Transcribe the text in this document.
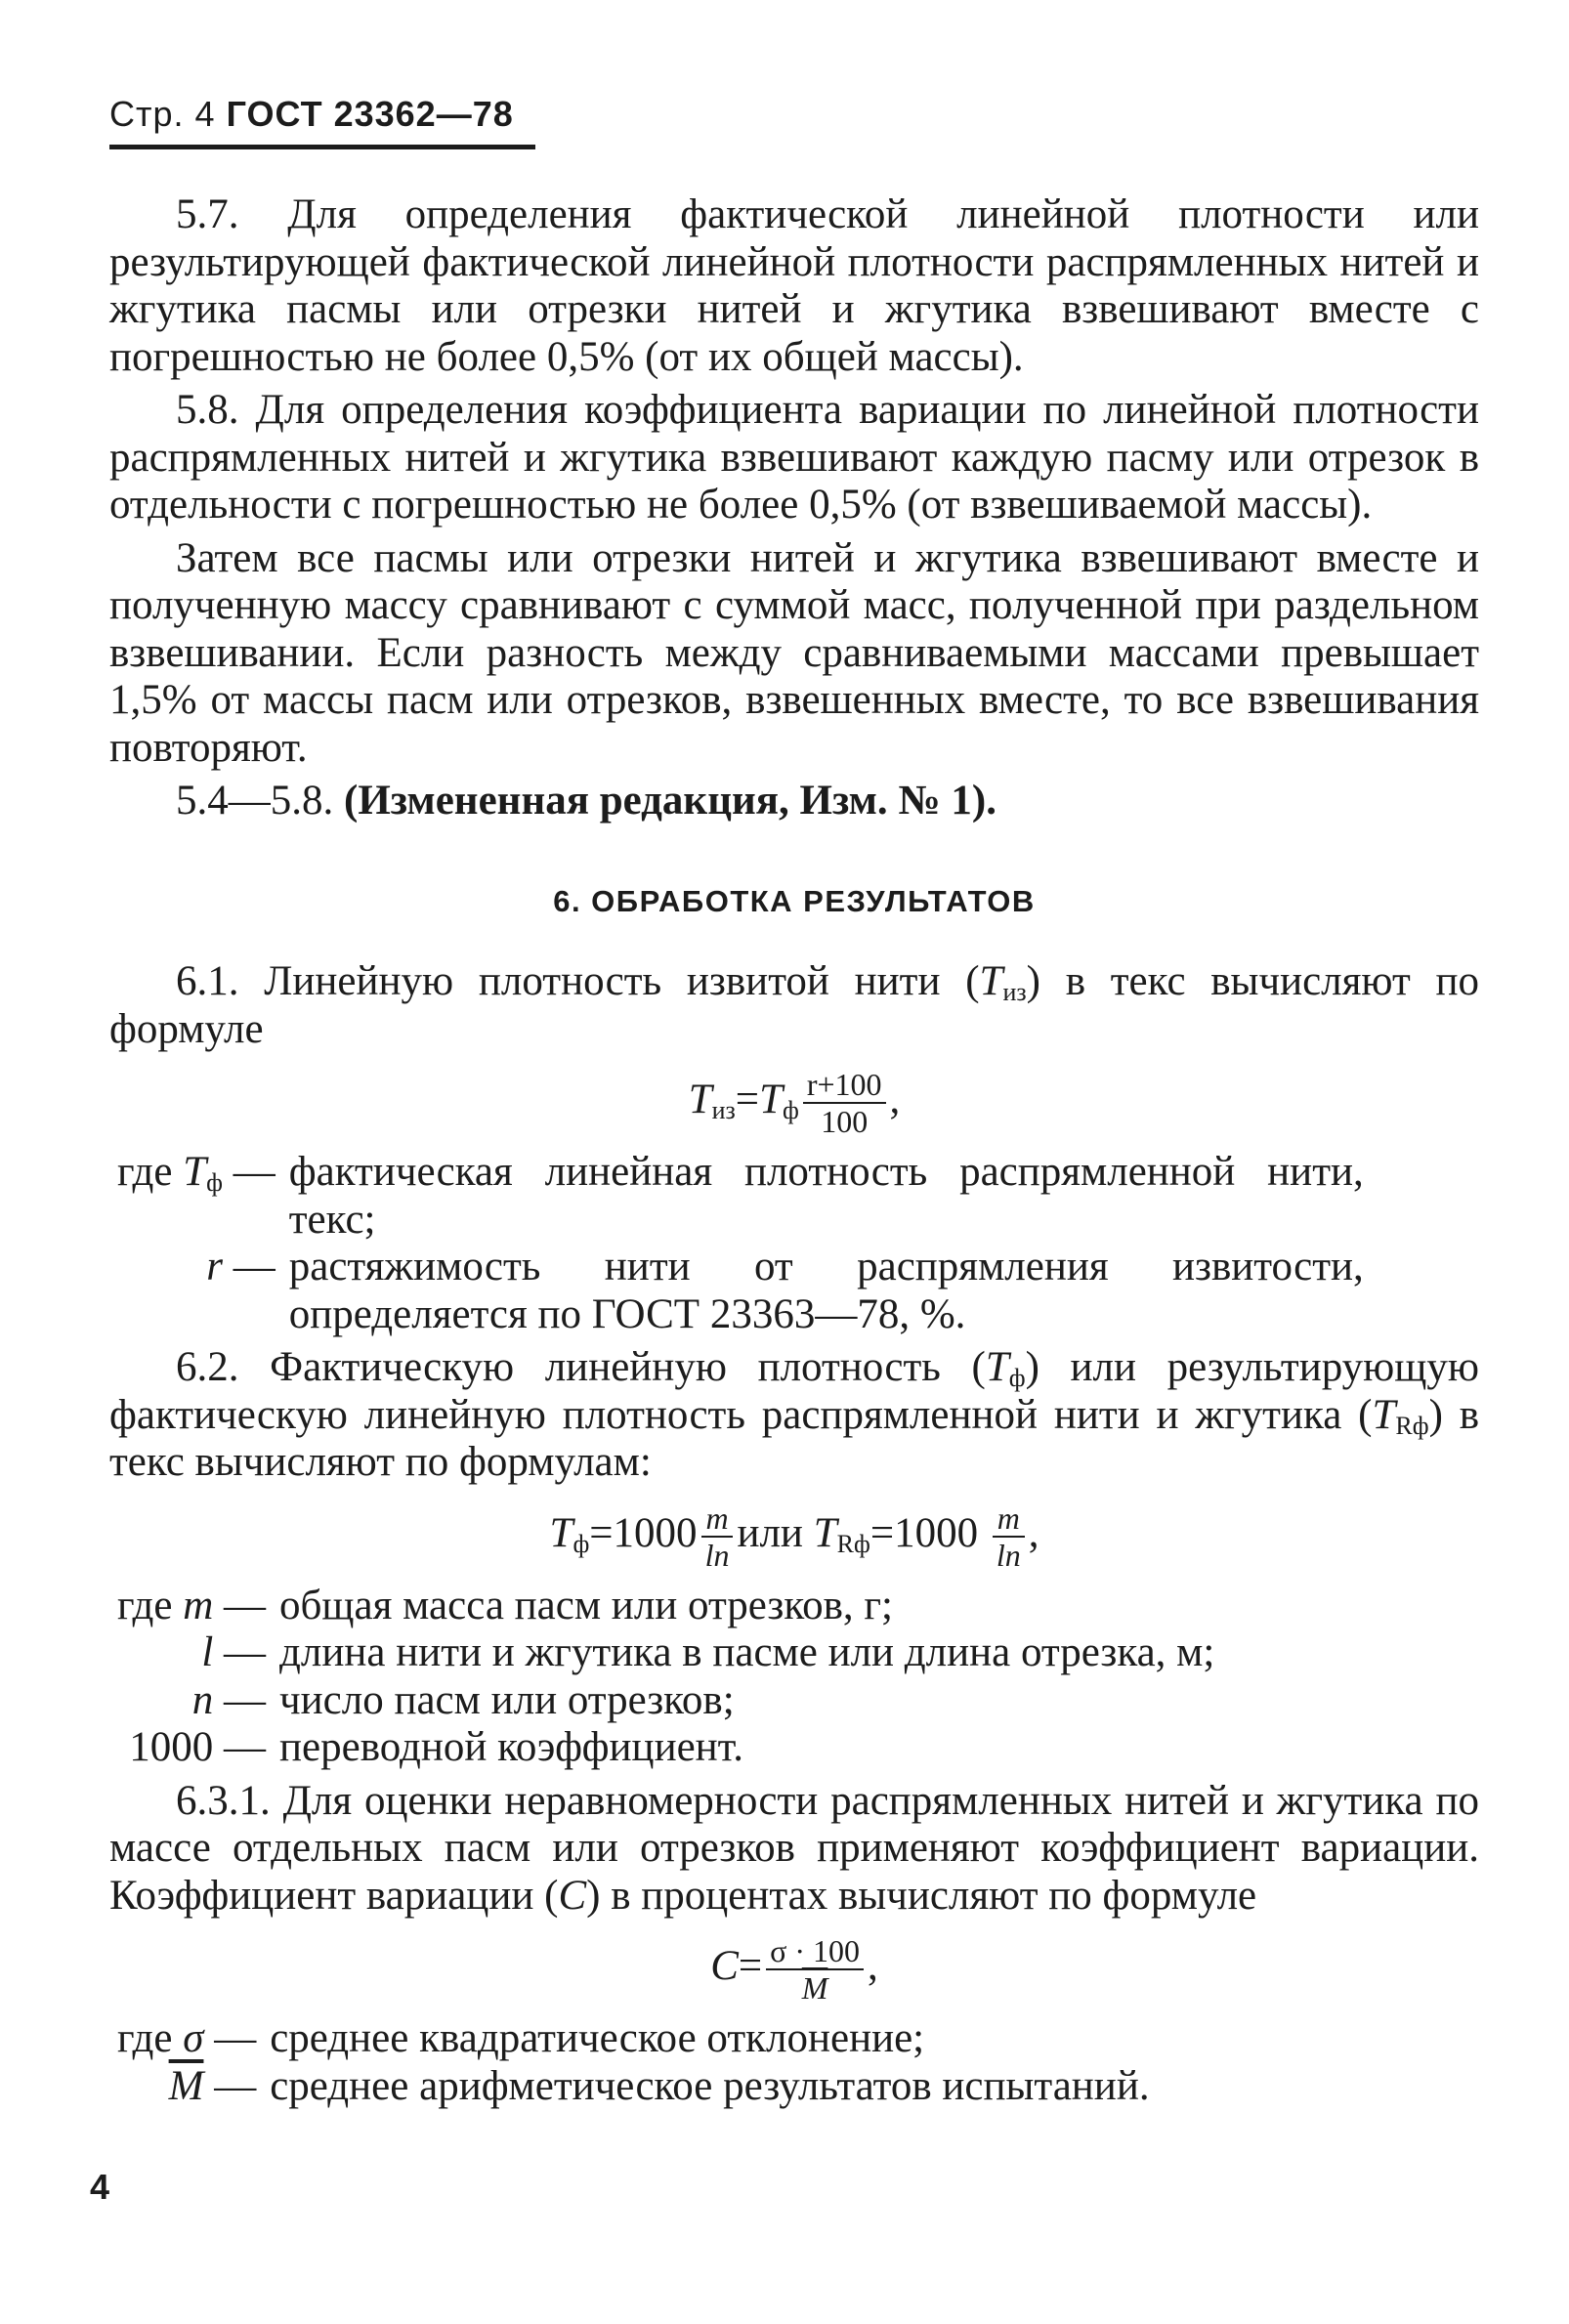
Стр. 4 ГОСТ 23362—78

5.7. Для определения фактической линейной плотности или результирующей фактической линейной плотности распрямленных нитей и жгутика пасмы или отрезки нитей и жгутика взвешивают вместе с погрешностью не более 0,5% (от их общей массы).

5.8. Для определения коэффициента вариации по линейной плотности распрямленных нитей и жгутика взвешивают каждую пасму или отрезок в отдельности с погрешностью не более 0,5% (от взвешиваемой массы).

Затем все пасмы или отрезки нитей и жгутика взвешивают вместе и полученную массу сравнивают с суммой масс, полученной при раздельном взвешивании. Если разность между сравниваемыми массами превышает 1,5% от массы пасм или отрезков, взвешенных вместе, то все взвешивания повторяют.

5.4—5.8. (Измененная редакция, Изм. № 1).

6. ОБРАБОТКА РЕЗУЛЬТАТОВ

6.1. Линейную плотность извитой нити (Tиз) в текс вычисляют по формуле

$Tиз=Tф \frac{r+100}{100}$ ,
где Tф —	фактическая линейная плотность распрямленной нити, текс;
r —	растяжимость нити от распрямления извитости, определяется по ГОСТ 23363—78, %.

6.2. Фактическую линейную плотность (Tф) или результирующую фактическую линейную плотность распрямленной нити и жгутика (TRф) в текс вычисляют по формулам:

$Tф=1000 \frac{m}{\ln}$ или $TRф=1000 \frac{m}{\ln}$ ,
где m —	общая масса пасм или отрезков, г;
l —	длина нити и жгутика в пасме или длина отрезка, м;
n —	число пасм или отрезков;
1000 —	переводной коэффициент.

6.3.1. Для оценки неравномерности распрямленных нитей и жгутика по массе отдельных пасм или отрезков применяют коэффициент вариации. Коэффициент вариации (C) в процентах вычисляют по формуле

$C= \frac{\sigma \cdot 100}{M}$ ,
где σ —	среднее квадратическое отклонение;
$\overline{M}$ —	среднее арифметическое результатов испытаний.
4
